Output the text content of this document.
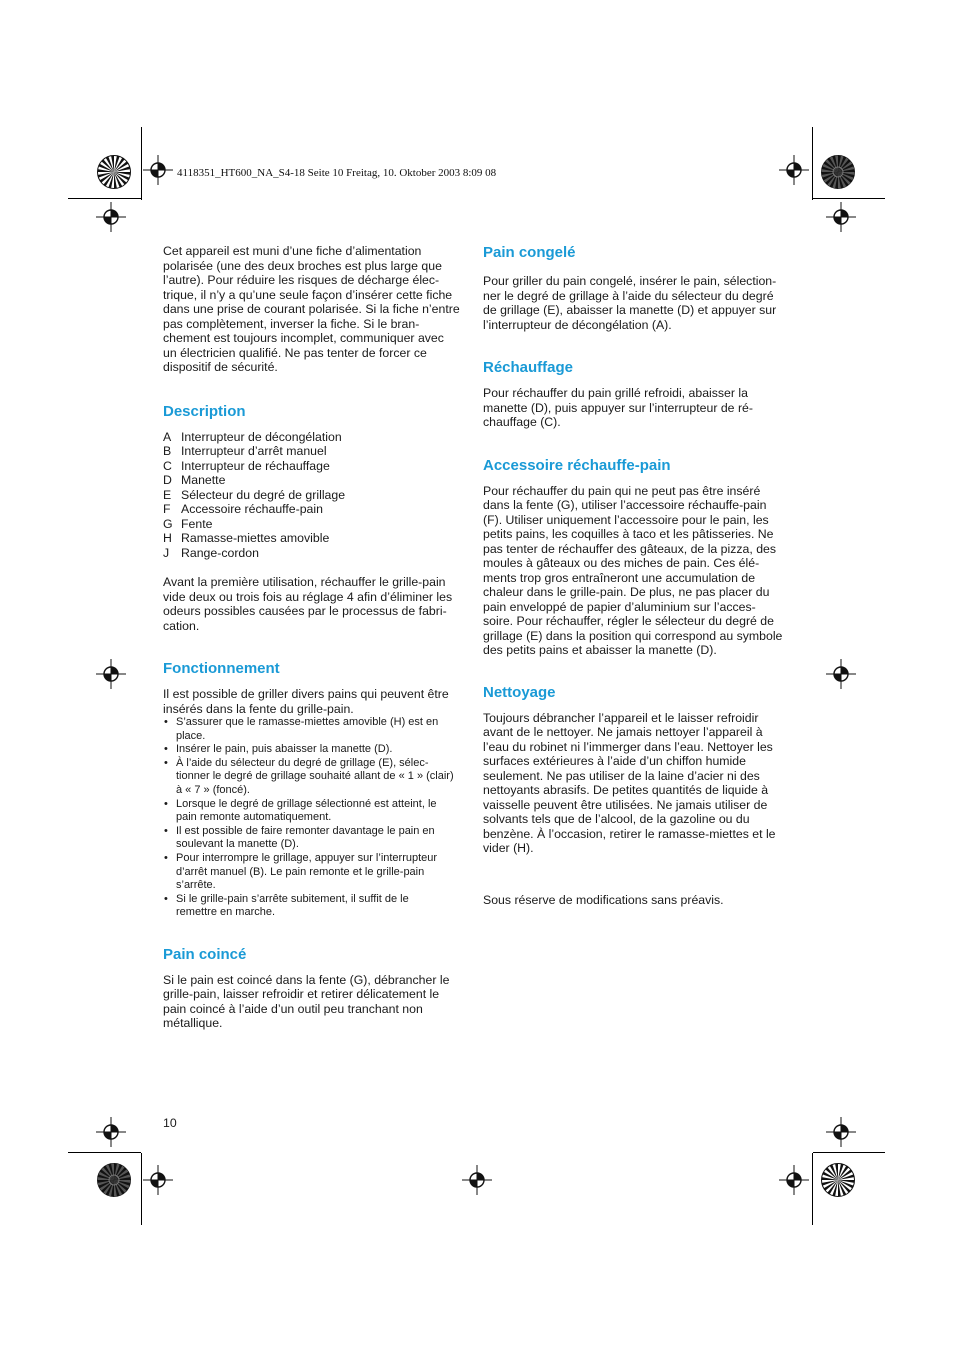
4118351_HT600_NA_S4-18 Seite 10 Freitag, 10. Oktober 2003 8:09 08

Cet appareil est muni d’une fiche d’alimentation
polarisée (une des deux broches est plus large que
l’autre). Pour réduire les risques de décharge élec-
trique, il n’y a qu’une seule façon d’insérer cette fiche
dans une prise de courant polarisée. Si la fiche n’entre
pas complètement, inverser la fiche. Si le bran-
chement est toujours incomplet, communiquer avec
un électricien qualifié. Ne pas tenter de forcer ce
dispositif de sécurité.

Description
A Interrupteur de décongélation
B Interrupteur d’arrêt manuel
C Interrupteur de réchauffage
D Manette
E Sélecteur du degré de grillage
F Accessoire réchauffe-pain
G Fente
H Ramasse-miettes amovible
J Range-cordon

Avant la première utilisation, réchauffer le grille-pain
vide deux ou trois fois au réglage 4 afin d’éliminer les
odeurs possibles causées par le processus de fabri-
cation.

Fonctionnement

Il est possible de griller divers pains qui peuvent être
insérés dans la fente du grille-pain.

• S’assurer que le ramasse-miettes amovible (H) est en
place.
• Insérer le pain, puis abaisser la manette (D).
• À l’aide du sélecteur du degré de grillage (E), sélec-
tionner le degré de grillage souhaité allant de « 1 » (clair)
à « 7 » (foncé).
• Lorsque le degré de grillage sélectionné est atteint, le
pain remonte automatiquement.
• Il est possible de faire remonter davantage le pain en
soulevant la manette (D).
• Pour interrompre le grillage, appuyer sur l’interrupteur
d’arrêt manuel (B). Le pain remonte et le grille-pain
s’arrête.
• Si le grille-pain s’arrête subitement, il suffit de le
remettre en marche.
Pain coincé

Si le pain est coincé dans la fente (G), débrancher le
grille-pain, laisser refroidir et retirer délicatement le
pain coincé à l’aide d’un outil peu tranchant non
métallique.

Pain congelé

Pour griller du pain congelé, insérer le pain, sélection-
ner le degré de grillage à l’aide du sélecteur du degré
de grillage (E), abaisser la manette (D) et appuyer sur
l’interrupteur de décongélation (A).

Réchauffage

Pour réchauffer du pain grillé refroidi, abaisser la
manette (D), puis appuyer sur l’interrupteur de ré-
chauffage (C).

Accessoire réchauffe-pain

Pour réchauffer du pain qui ne peut pas être inséré
dans la fente (G), utiliser l’accessoire réchauffe-pain
(F). Utiliser uniquement l’accessoire pour le pain, les
petits pains, les coquilles à taco et les pâtisseries. Ne
pas tenter de réchauffer des gâteaux, de la pizza, des
moules à gâteaux ou des miches de pain. Ces élé-
ments trop gros entraîneront une accumulation de
chaleur dans le grille-pain. De plus, ne pas placer du
pain enveloppé de papier d’aluminium sur l’acces-
soire. Pour réchauffer, régler le sélecteur du degré de
grillage (E) dans la position qui correspond au symbole
des petits pains et abaisser la manette (D).

Nettoyage

Toujours débrancher l’appareil et le laisser refroidir
avant de le nettoyer. Ne jamais nettoyer l’appareil à
l’eau du robinet ni l’immerger dans l’eau. Nettoyer les
surfaces extérieures à l’aide d’un chiffon humide
seulement. Ne pas utiliser de la laine d’acier ni des
nettoyants abrasifs. De petites quantités de liquide à
vaisselle peuvent être utilisées. Ne jamais utiliser de
solvants tels que de l’alcool, de la gazoline ou du
benzène. À l’occasion, retirer le ramasse-miettes et le
vider (H).

Sous réserve de modifications sans préavis.

10
